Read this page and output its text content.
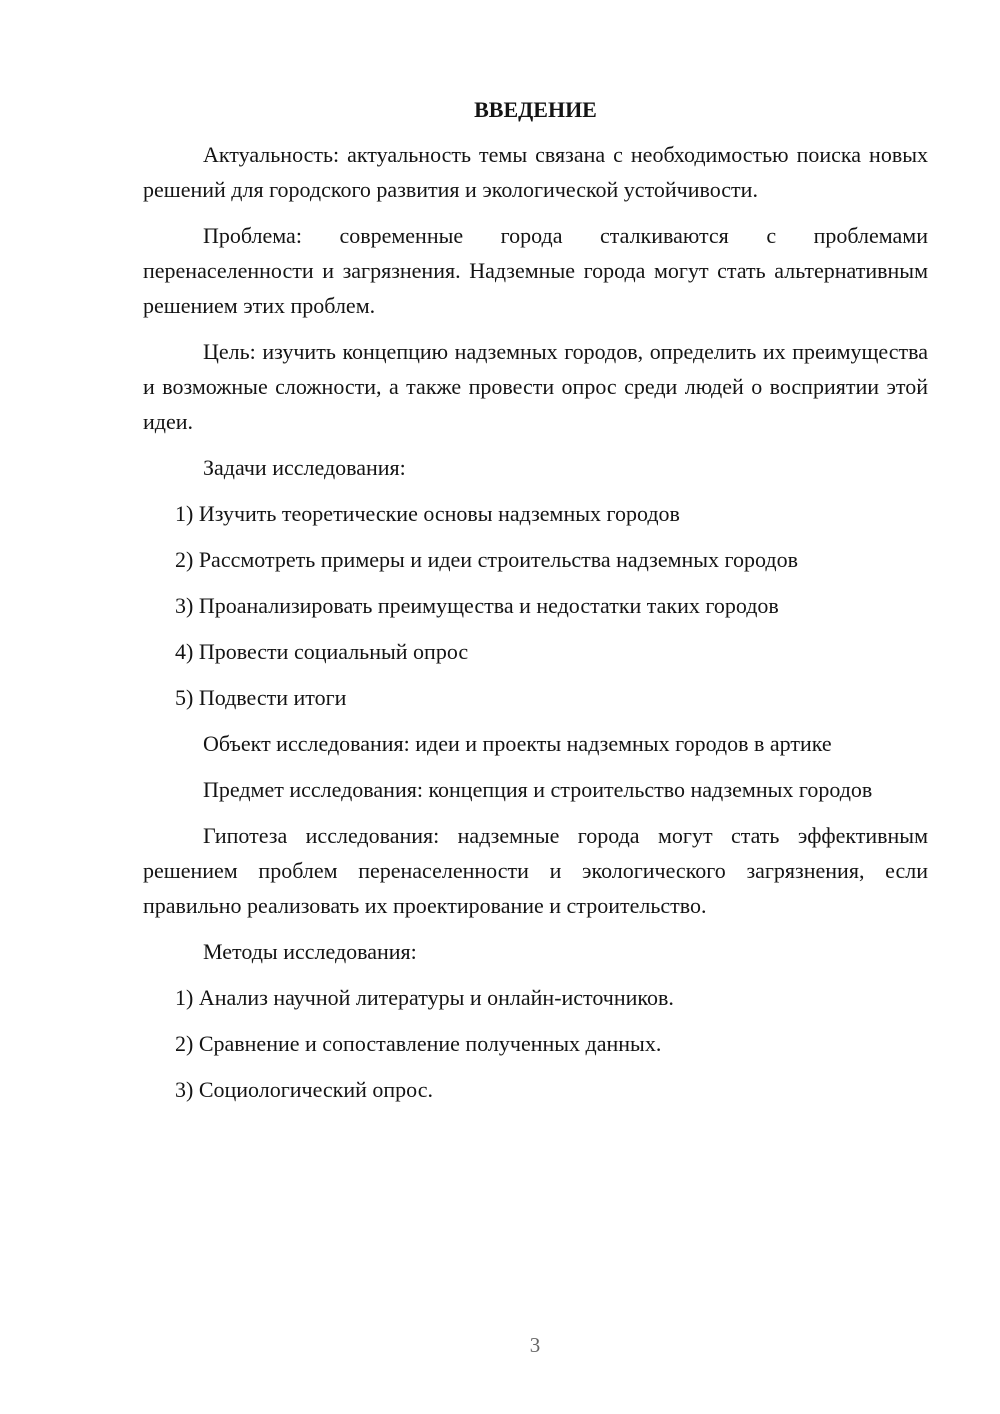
ВВЕДЕНИЕ

Актуальность: актуальность темы связана с необходимостью поиска новых решений для городского развития и экологической устойчивости.

Проблема: современные города сталкиваются с проблемами перенаселенности и загрязнения. Надземные города могут стать альтернативным решением этих проблем.

Цель: изучить концепцию надземных городов, определить их преимущества и возможные сложности, а также провести опрос среди людей о восприятии этой идеи.

Задачи исследования:

1) Изучить теоретические основы надземных городов

2) Рассмотреть примеры и идеи строительства надземных городов

3) Проанализировать преимущества и недостатки таких городов

4) Провести социальный опрос

5) Подвести итоги

Объект исследования: идеи и проекты надземных городов в артике

Предмет исследования: концепция и строительство надземных городов

Гипотеза исследования: надземные города могут стать эффективным решением проблем перенаселенности и экологического загрязнения, если правильно реализовать их проектирование и строительство.

Методы исследования:

1) Анализ научной литературы и онлайн-источников.

2) Сравнение и сопоставление полученных данных.

3) Социологический опрос.

3
